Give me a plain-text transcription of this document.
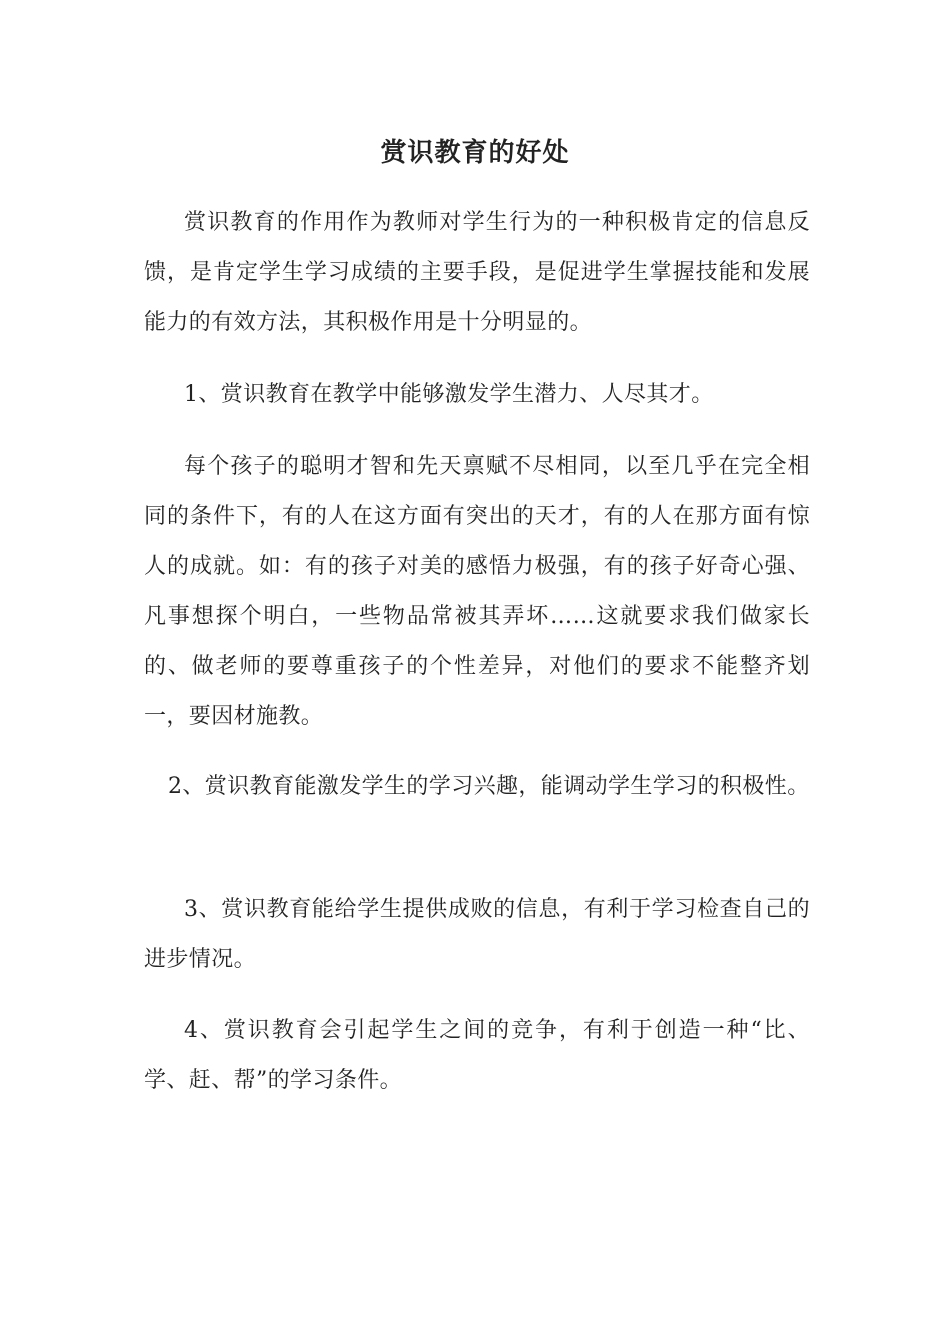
赏识教育的好处

赏识教育的作用作为教师对学生行为的一种积极肯定的信息反馈，是肯定学生学习成绩的主要手段，是促进学生掌握技能和发展能力的有效方法，其积极作用是十分明显的。

1、赏识教育在教学中能够激发学生潜力、人尽其才。

每个孩子的聪明才智和先天禀赋不尽相同，以至几乎在完全相同的条件下，有的人在这方面有突出的天才，有的人在那方面有惊人的成就。如：有的孩子对美的感悟力极强，有的孩子好奇心强、凡事想探个明白，一些物品常被其弄坏……这就要求我们做家长的、做老师的要尊重孩子的个性差异，对他们的要求不能整齐划一，要因材施教。

2、赏识教育能激发学生的学习兴趣，能调动学生学习的积极性。

3、赏识教育能给学生提供成败的信息，有利于学习检查自己的进步情况。

4、赏识教育会引起学生之间的竞争，有利于创造一种“比、学、赶、帮”的学习条件。
